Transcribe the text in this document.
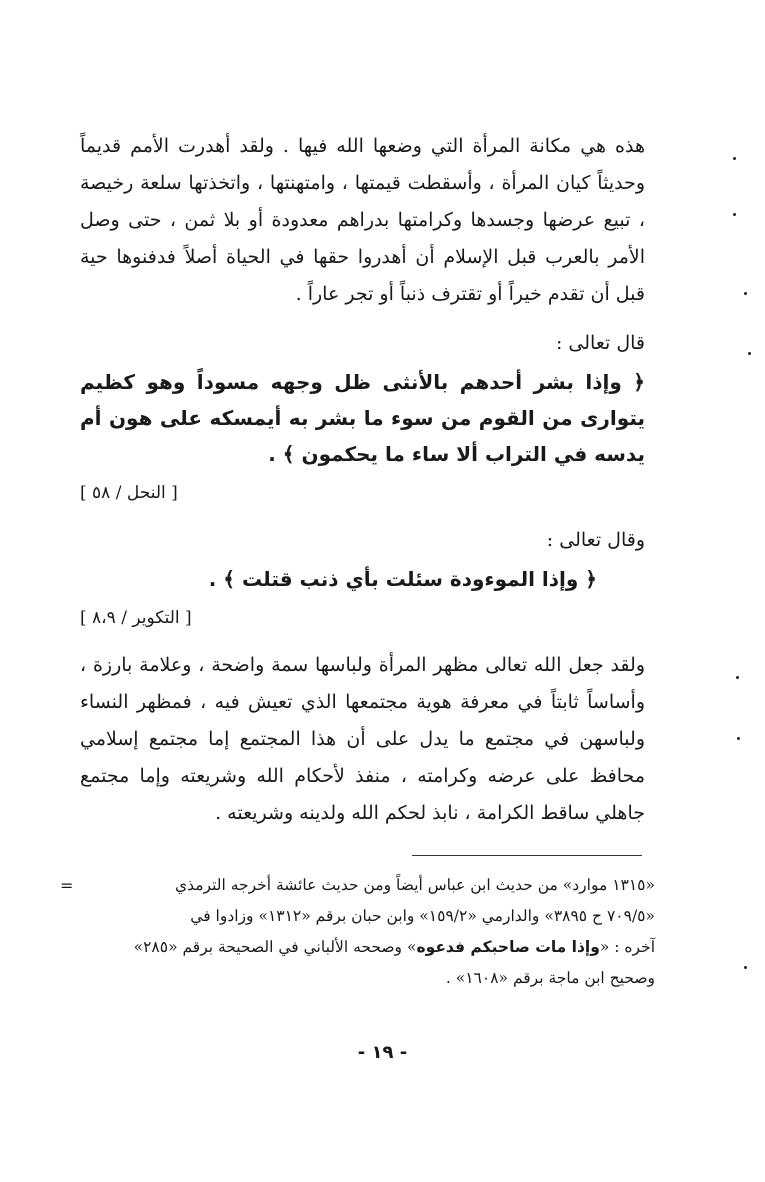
هذه هي مكانة المرأة التي وضعها الله فيها . ولقد أهدرت الأمم قديماً وحديثاً كيان المرأة ، وأسقطت قيمتها ، وامتهنتها ، واتخذتها سلعة رخيصة ، تبيع عرضها وجسدها وكرامتها بدراهم معدودة أو بلا ثمن ، حتى وصل الأمر بالعرب قبل الإسلام أن أهدروا حقها في الحياة أصلاً فدفنوها حية قبل أن تقدم خيراً أو تقترف ذنباً أو تجر عاراً .

قال تعالى :

﴿ وإذا بشر أحدهم بالأنثى ظل وجهه مسوداً وهو كظيم يتوارى من القوم من سوء ما بشر به أيمسكه على هون أم يدسه في التراب ألا ساء ما يحكمون ﴾ .

[ النحل / ٥٨ ]

وقال تعالى :

﴿ وإذا الموءودة سئلت بأي ذنب قتلت ﴾ .

[ التكوير / ٨،٩ ]

ولقد جعل الله تعالى مظهر المرأة ولباسها سمة واضحة ، وعلامة بارزة ، وأساساً ثابتاً في معرفة هوية مجتمعها الذي تعيش فيه ، فمظهر النساء ولباسهن في مجتمع ما يدل على أن هذا المجتمع إما مجتمع إسلامي محافظ على عرضه وكرامته ، منفذ لأحكام الله وشريعته وإما مجتمع جاهلي ساقط الكرامة ، نابذ لحكم الله ولدينه وشريعته .

=	«١٣١٥ موارد» من حديث ابن عباس أيضاً ومن حديث عائشة أخرجه الترمذي

«٧٠٩/٥ ح ٣٨٩٥» والدارمي «١٥٩/٢» وابن حبان برقم «١٣١٢» وزادوا في

آخره : «وإذا مات صاحبكم فدعوه» وصححه الألباني في الصحيحة برقم «٢٨٥»

وصحيح ابن ماجة برقم «١٦٠٨» .

- ١٩ -
